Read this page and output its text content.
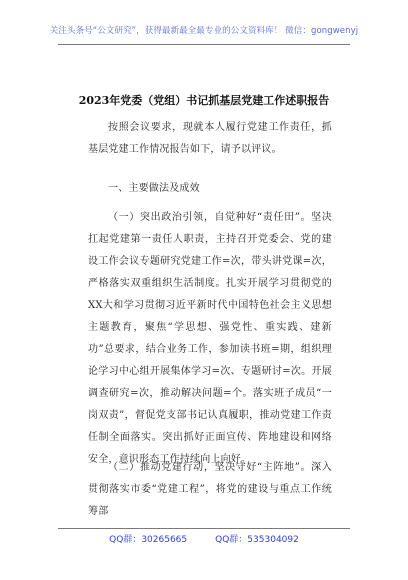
关注头条号“公文研究”，获得最新最全最专业的公文资料库！ 微信：gongwenyj
2023年党委（党组）书记抓基层党建工作述职报告
按照会议要求，现就本人履行党建工作责任，抓基层党建工作情况报告如下，请予以评议。
一、主要做法及成效
（一）突出政治引领，自觉种好“责任田”。坚决扛起党建第一责任人职责，主持召开党委会、党的建设工作会议专题研究党建工作=次，带头讲党课=次，严格落实双重组织生活制度。扎实开展学习贯彻党的XX大和学习贯彻习近平新时代中国特色社会主义思想主题教育，聚焦“学思想、强党性、重实践、建新功”总要求，结合业务工作，参加读书班=期，组织理论学习中心组开展集体学习=次、专题研讨=次。开展调查研究=次，推动解决问题=个。落实班子成员“一岗双责”，督促党支部书记认真履职，推动党建工作责任制全面落实。突出抓好正面宣传、阵地建设和网络安全，意识形态工作持续向上向好。
（二）推动党建行动，坚决守好“主阵地”。深入贯彻落实市委“党建工程”，将党的建设与重点工作统筹部
QQ群：30265665	QQ群：535304092
